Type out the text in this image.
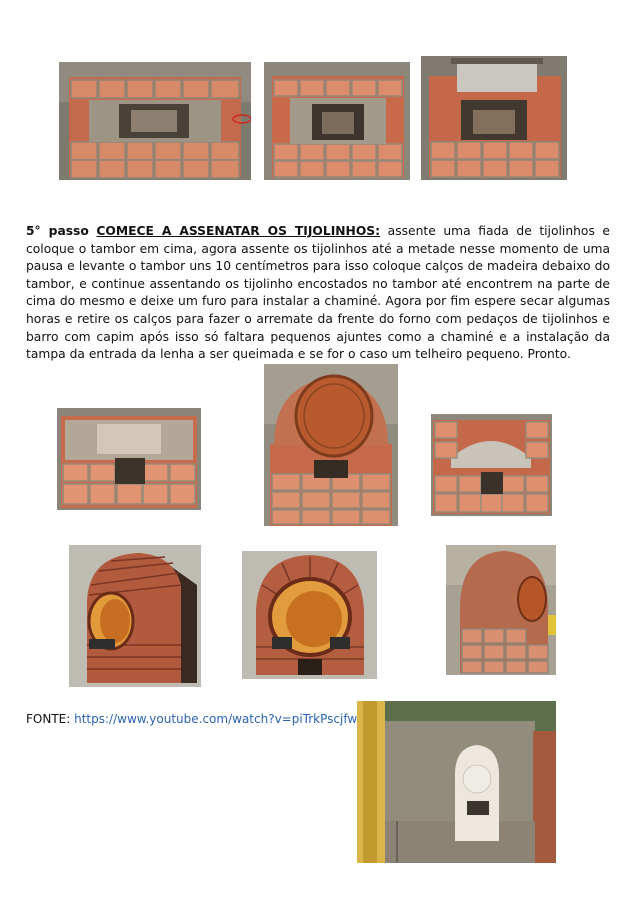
5° passo COMECE A ASSENATAR OS TIJOLINHOS: assente uma fiada de tijolinhos e coloque o tambor em cima, agora assente os tijolinhos até a metade nesse momento de uma pausa e levante o tambor uns 10 centímetros para isso coloque calços de madeira debaixo do tambor, e continue assentando os tijolinho encostados no tambor até encontrem na parte de cima do mesmo e deixe um furo para instalar a chaminé. Agora por fim espere secar algumas horas e retire os calços para fazer o arremate da frente do forno com pedaços de tijolinhos e barro com capim após isso só faltara pequenos ajuntes como a chaminé e a instalação da tampa da entrada da lenha a ser queimada e se for o caso um telheiro pequeno. Pronto.
FONTE: https://www.youtube.com/watch?v=piTrkPscjfw
